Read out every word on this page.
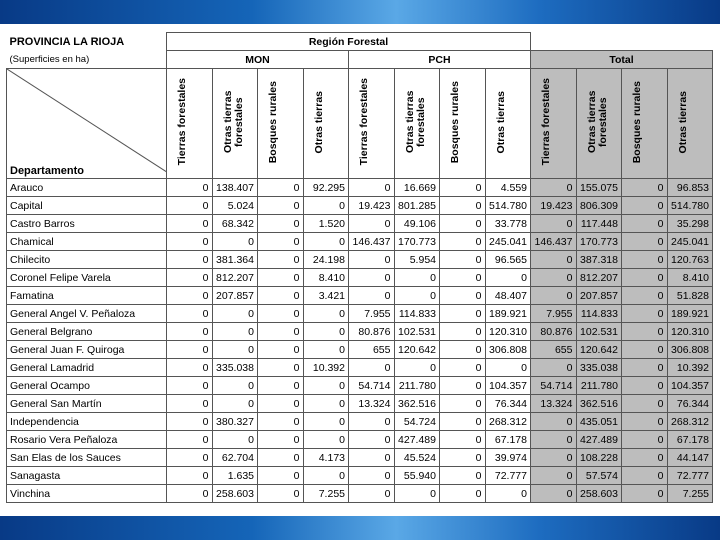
PROVINCIA LA RIOJA	Región Forestal											
(Superficies en ha)	MON				PCH				Total			

Departamento	Tierras forestales	Otras tierras forestales	Bosques rurales	Otras tierras	Tierras forestales	Otras tierras forestales	Bosques rurales	Otras tierras	Tierras forestales	Otras tierras forestales	Bosques rurales	Otras tierras
Arauco	0	138.407	0	92.295	0	16.669	0	4.559	0	155.075	0	96.853
Capital	0	5.024	0	0	19.423	801.285	0	514.780	19.423	806.309	0	514.780
Castro Barros	0	68.342	0	1.520	0	49.106	0	33.778	0	117.448	0	35.298
Chamical	0	0	0	0	146.437	170.773	0	245.041	146.437	170.773	0	245.041
Chilecito	0	381.364	0	24.198	0	5.954	0	96.565	0	387.318	0	120.763
Coronel Felipe Varela	0	812.207	0	8.410	0	0	0	0	0	812.207	0	8.410
Famatina	0	207.857	0	3.421	0	0	0	48.407	0	207.857	0	51.828
General Angel V. Peñaloza	0	0	0	0	7.955	114.833	0	189.921	7.955	114.833	0	189.921
General Belgrano	0	0	0	0	80.876	102.531	0	120.310	80.876	102.531	0	120.310
General Juan F. Quiroga	0	0	0	0	655	120.642	0	306.808	655	120.642	0	306.808
General Lamadrid	0	335.038	0	10.392	0	0	0	0	0	335.038	0	10.392
General Ocampo	0	0	0	0	54.714	211.780	0	104.357	54.714	211.780	0	104.357
General San Martín	0	0	0	0	13.324	362.516	0	76.344	13.324	362.516	0	76.344
Independencia	0	380.327	0	0	0	54.724	0	268.312	0	435.051	0	268.312
Rosario Vera Peñaloza	0	0	0	0	0	427.489	0	67.178	0	427.489	0	67.178
San Elas de los Sauces	0	62.704	0	4.173	0	45.524	0	39.974	0	108.228	0	44.147
Sanagasta	0	1.635	0	0	0	55.940	0	72.777	0	57.574	0	72.777
Vinchina	0	258.603	0	7.255	0	0	0	0	0	258.603	0	7.255
